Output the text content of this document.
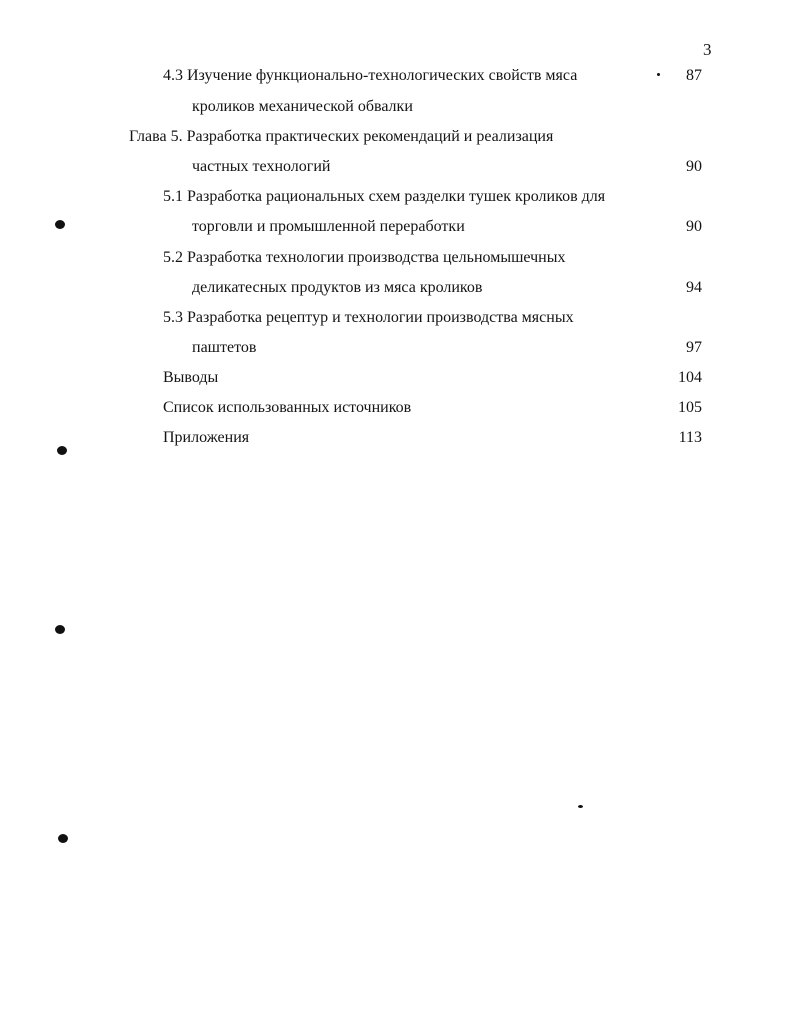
3
4.3 Изучение функционально-технологических свойств мяса	87
кроликов механической обвалки
Глава 5. Разработка практических рекомендаций и реализация
частных технологий	90
5.1 Разработка рациональных схем разделки тушек кроликов для
торговли и промышленной переработки	90
5.2 Разработка технологии производства цельномышечных
деликатесных продуктов из мяса кроликов	94
5.3 Разработка рецептур и технологии производства мясных
паштетов	97
Выводы	104
Список использованных источников	105
Приложения	113
